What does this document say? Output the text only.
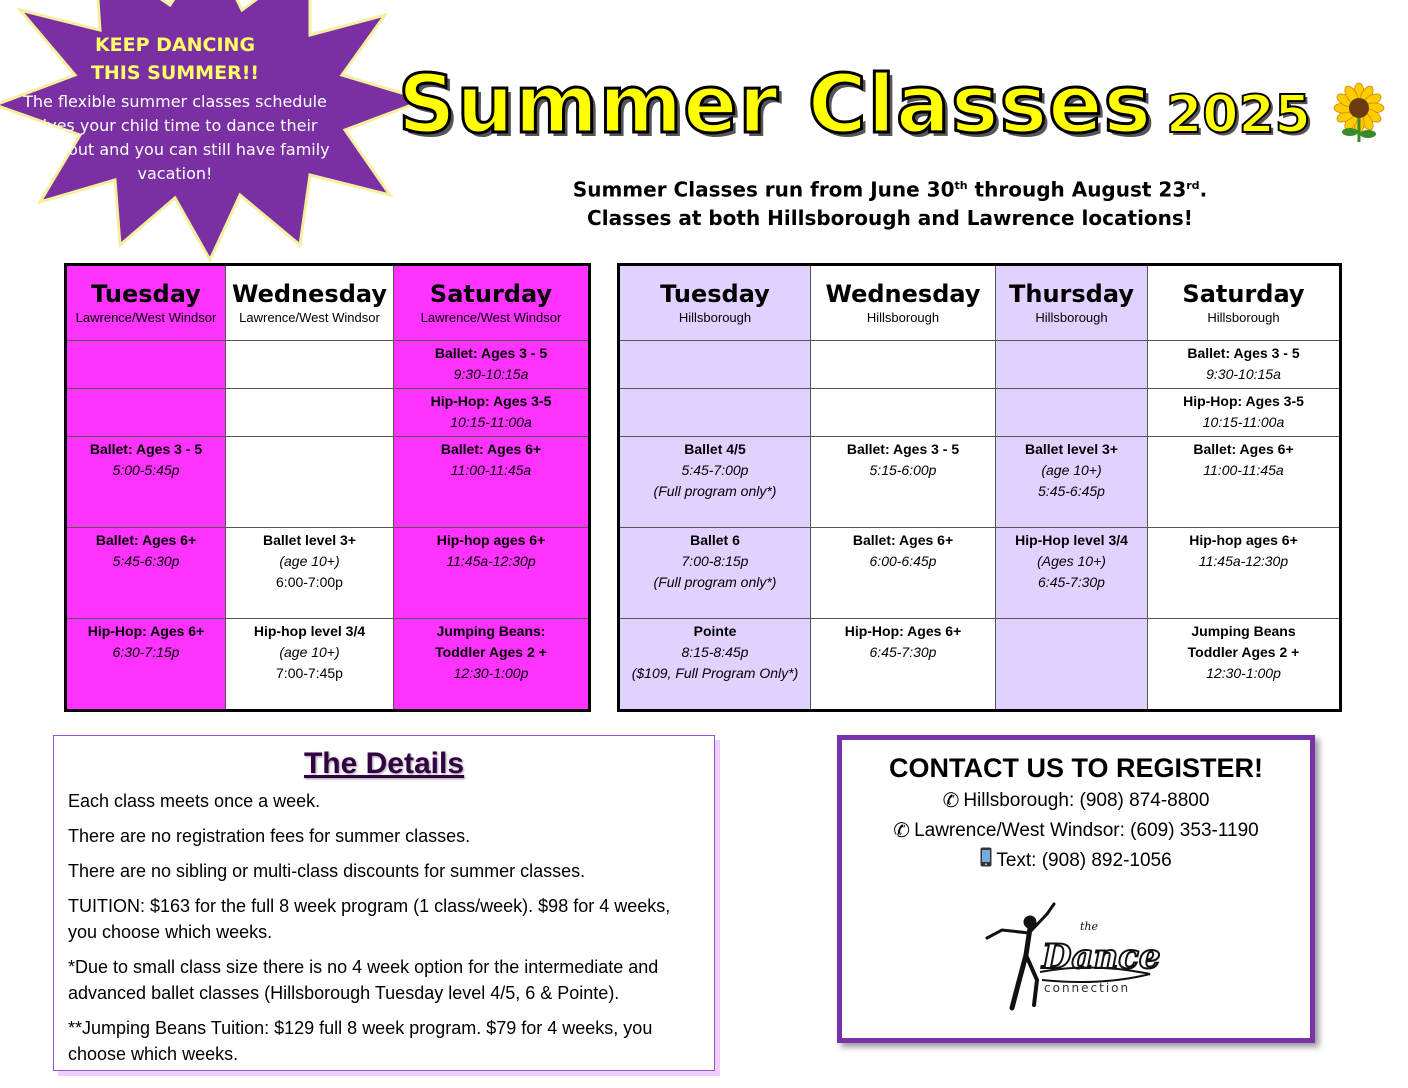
KEEP DANCING
THIS SUMMER!!
The flexible summer classes schedule gives your child time to dance their heart out and you can still have family vacation!
Summer Classes 2025
Summer Classes run from June 30th through August 23rd.
Classes at both Hillsborough and Lawrence locations!
Tuesday
Lawrence/West Windsor	Wednesday
Lawrence/West Windsor	Saturday
Lawrence/West Windsor

		Ballet: Ages 3 - 5
9:30-10:15a

		Hip-Hop: Ages 3-5
10:15-11:00a

Ballet: Ages 3 - 5
5:00-5:45p		Ballet: Ages 6+
11:00-11:45a

Ballet: Ages 6+
5:45-6:30p	Ballet level 3+
(age 10+)
6:00-7:00p	Hip-hop ages 6+
11:45a-12:30p

Hip-Hop: Ages 6+
6:30-7:15p	Hip-hop level 3/4
(age 10+)
7:00-7:45p	Jumping Beans:
Toddler Ages 2 +
12:30-1:00p
Tuesday
Hillsborough	Wednesday
Hillsborough	Thursday
Hillsborough	Saturday
Hillsborough

			Ballet: Ages 3 - 5
9:30-10:15a

			Hip-Hop: Ages 3-5
10:15-11:00a

Ballet 4/5
5:45-7:00p
(Full program only*)	Ballet: Ages 3 - 5
5:15-6:00p	Ballet level 3+
(age 10+)
5:45-6:45p	Ballet: Ages 6+
11:00-11:45a

Ballet 6
7:00-8:15p
(Full program only*)	Ballet: Ages 6+
6:00-6:45p	Hip-Hop level 3/4
(Ages 10+)
6:45-7:30p	Hip-hop ages 6+
11:45a-12:30p

Pointe
8:15-8:45p
($109, Full Program Only*)	Hip-Hop: Ages 6+
6:45-7:30p		Jumping Beans
Toddler Ages 2 +
12:30-1:00p
The Details

Each class meets once a week.

There are no registration fees for summer classes.

There are no sibling or multi-class discounts for summer classes.

TUITION: $163 for the full 8 week program (1 class/week). $98 for 4 weeks, you choose which weeks.

*Due to small class size there is no 4 week option for the intermediate and advanced ballet classes (Hillsborough Tuesday level 4/5, 6 & Pointe).

**Jumping Beans Tuition: $129 full 8 week program. $79 for 4 weeks, you choose which weeks.

CONTACT US TO REGISTER!
✆ Hillsborough: (908) 874-8800
✆ Lawrence/West Windsor: (609) 353-1190
Text: (908) 892-1056
the
Dance
connection
